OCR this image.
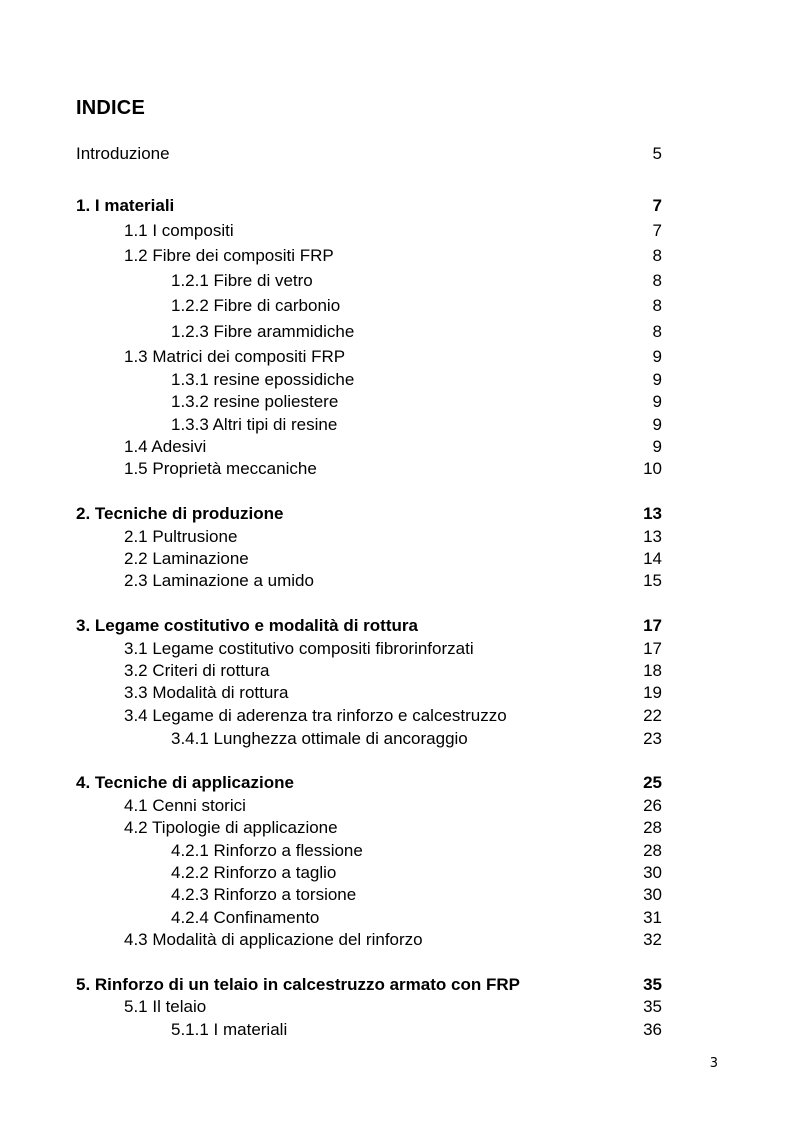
INDICE
Introduzione	5
1. I materiali	7
1.1 I compositi	7
1.2 Fibre dei compositi FRP	8
1.2.1 Fibre di vetro	8
1.2.2 Fibre di carbonio	8
1.2.3 Fibre arammidiche	8
1.3 Matrici dei compositi FRP	9
1.3.1 resine epossidiche	9
1.3.2 resine poliestere	9
1.3.3 Altri tipi di resine	9
1.4 Adesivi	9
1.5 Proprietà meccaniche	10
2. Tecniche di produzione	13
2.1 Pultrusione	13
2.2 Laminazione	14
2.3 Laminazione a umido	15
3. Legame costitutivo e modalità di rottura	17
3.1 Legame costitutivo compositi fibrorinforzati	17
3.2 Criteri di rottura	18
3.3 Modalità di rottura	19
3.4 Legame di aderenza tra rinforzo e calcestruzzo	22
3.4.1 Lunghezza ottimale di ancoraggio	23
4. Tecniche di applicazione	25
4.1 Cenni storici	26
4.2 Tipologie di applicazione	28
4.2.1 Rinforzo a flessione	28
4.2.2 Rinforzo a taglio	30
4.2.3 Rinforzo a torsione	30
4.2.4 Confinamento	31
4.3 Modalità di applicazione del rinforzo	32
5. Rinforzo di un telaio in calcestruzzo armato con FRP	35
5.1 Il telaio	35
5.1.1 I materiali	36
3
